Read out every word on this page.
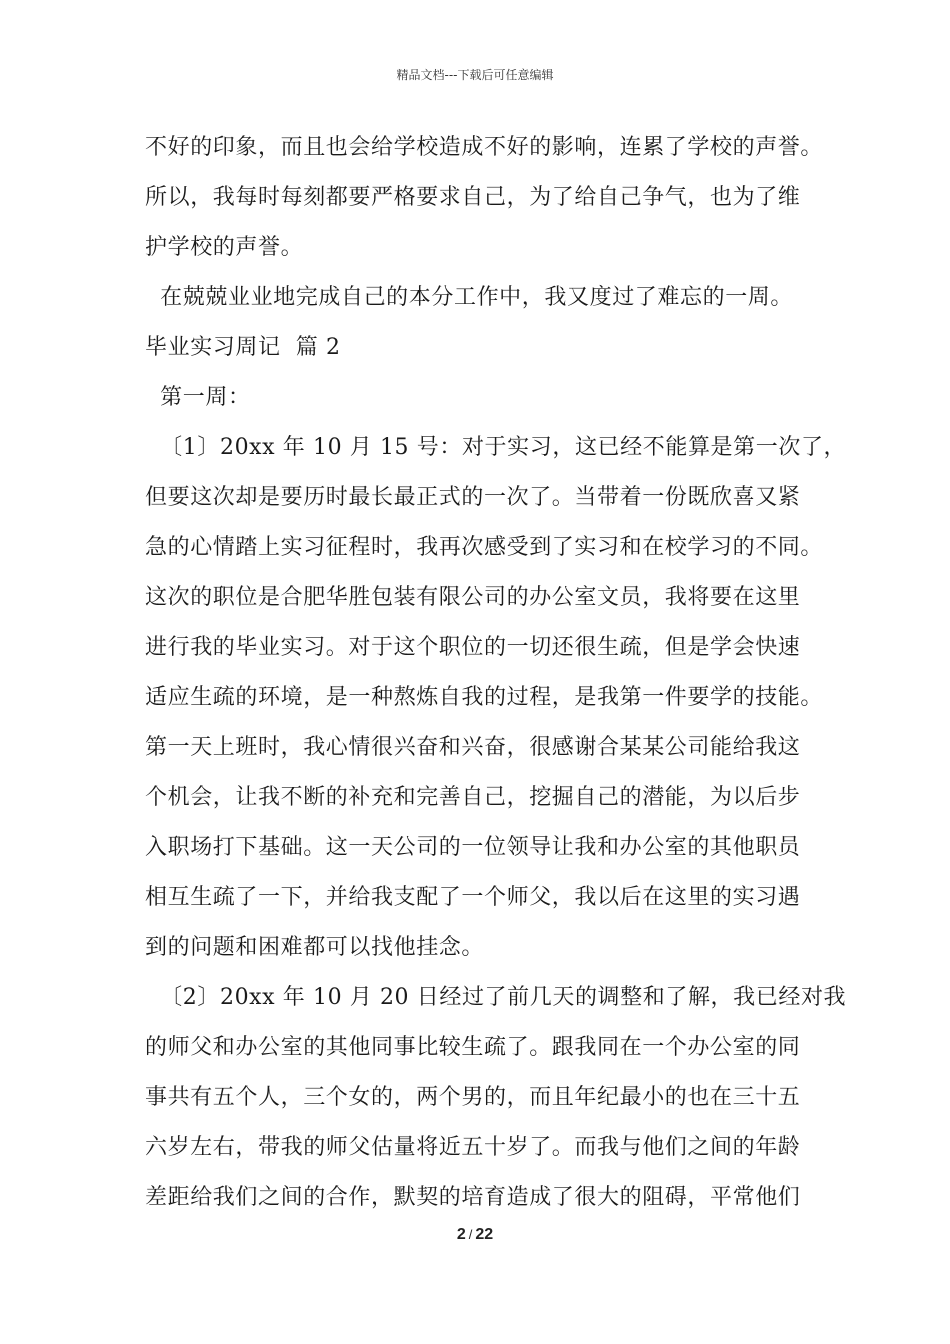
精品文档---下载后可任意编辑
不好的印象，而且也会给学校造成不好的影响，连累了学校的声誉。
所以，我每时每刻都要严格要求自己，为了给自己争气，也为了维
护学校的声誉。
在兢兢业业地完成自己的本分工作中，我又度过了难忘的一周。
毕业实习周记  篇 2
第一周：
〔1〕20xx 年 10 月 15 号：对于实习，这已经不能算是第一次了，
但要这次却是要历时最长最正式的一次了。当带着一份既欣喜又紧
急的心情踏上实习征程时，我再次感受到了实习和在校学习的不同。
这次的职位是合肥华胜包装有限公司的办公室文员，我将要在这里
进行我的毕业实习。对于这个职位的一切还很生疏，但是学会快速
适应生疏的环境，是一种熬炼自我的过程，是我第一件要学的技能。
第一天上班时，我心情很兴奋和兴奋，很感谢合某某公司能给我这
个机会，让我不断的补充和完善自己，挖掘自己的潜能，为以后步
入职场打下基础。这一天公司的一位领导让我和办公室的其他职员
相互生疏了一下，并给我支配了一个师父，我以后在这里的实习遇
到的问题和困难都可以找他挂念。
〔2〕20xx 年 10 月 20 日经过了前几天的调整和了解，我已经对我
的师父和办公室的其他同事比较生疏了。跟我同在一个办公室的同
事共有五个人，三个女的，两个男的，而且年纪最小的也在三十五
六岁左右，带我的师父估量将近五十岁了。而我与他们之间的年龄
差距给我们之间的合作，默契的培育造成了很大的阻碍，平常他们
2 / 22
